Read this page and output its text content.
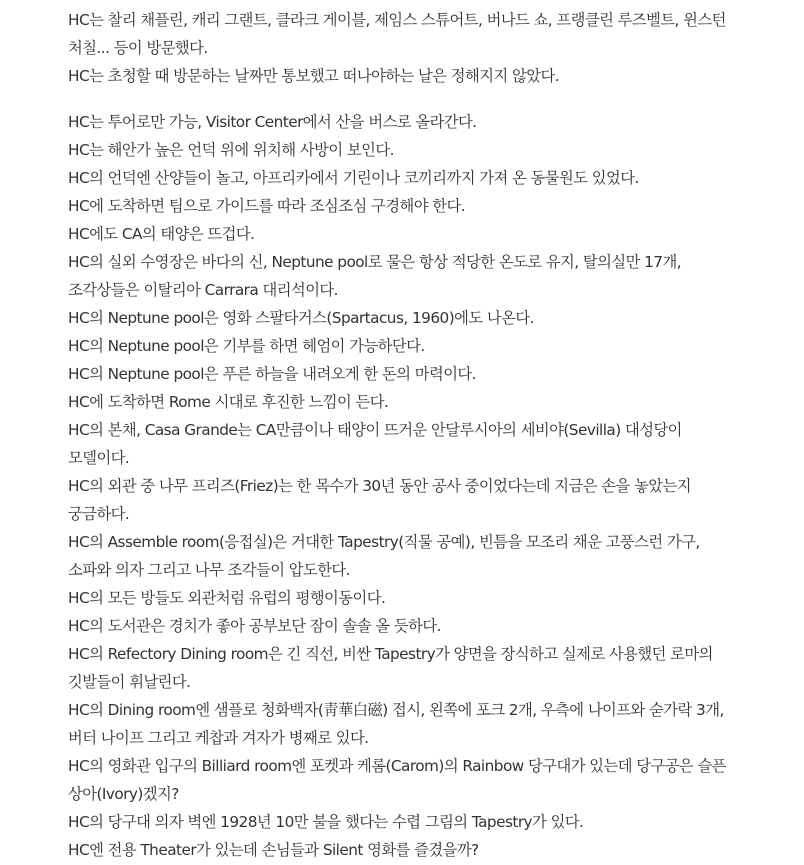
HC는 찰리 채플린, 캐리 그랜트, 클라크 게이블, 제임스 스튜어트, 버나드 쇼, 프랭클린 루즈벨트, 윈스턴 처칠... 등이 방문했다.
HC는 초청할 때 방문하는 날짜만 통보했고 떠나야하는 날은 정해지지 않았다.
HC는 투어로만 가능, Visitor Center에서 산을 버스로 올라간다.
HC는 해안가 높은 언덕 위에 위치해 사방이 보인다.
HC의 언덕엔 산양들이 놀고, 아프리카에서 기린이나 코끼리까지 가져 온 동물원도 있었다.
HC에 도착하면 팀으로 가이드를 따라 조심조심 구경해야 한다.
HC에도 CA의 태양은 뜨겁다.
HC의 실외 수영장은 바다의 신, Neptune pool로 물은 항상 적당한 온도로 유지, 탈의실만 17개, 조각상들은 이탈리아 Carrara 대리석이다.
HC의 Neptune pool은 영화 스팔타거스(Spartacus, 1960)에도 나온다.
HC의 Neptune pool은 기부를 하면 헤엄이 가능하단다.
HC의 Neptune pool은 푸른 하늘을 내려오게 한 돈의 마력이다.
HC에 도착하면 Rome 시대로 후진한 느낌이 든다.
HC의 본채, Casa Grande는 CA만큼이나 태양이 뜨거운 안달루시아의 세비야(Sevilla) 대성당이 모델이다.
HC의 외관 중 나무 프리즈(Friez)는 한 목수가 30년 동안 공사 중이었다는데 지금은 손을 놓았는지 궁금하다.
HC의 Assemble room(응접실)은 거대한 Tapestry(직물 공예), 빈틈을 모조리 채운 고풍스런 가구, 소파와 의자 그리고 나무 조각들이 압도한다.
HC의 모든 방들도 외관처럼 유럽의 평행이동이다.
HC의 도서관은 경치가 좋아 공부보단 잠이 솔솔 올 듯하다.
HC의 Refectory Dining room은 긴 직선, 비싼 Tapestry가 양면을 장식하고 실제로 사용했던 로마의 깃발들이 휘날린다.
HC의 Dining room엔 샘플로 청화백자(靑華白磁) 접시, 왼쪽에 포크 2개, 우측에 나이프와 숟가락 3개, 버터 나이프 그리고 케찹과 겨자가 병째로 있다.
HC의 영화관 입구의 Billiard room엔 포켓과 케롬(Carom)의 Rainbow 당구대가 있는데 당구공은 슬픈 상아(Ivory)겠지?
HC의 당구대 의자 벽엔 1928년 10만 불을 했다는 수렵 그림의 Tapestry가 있다.
HC엔 전용 Theater가 있는데 손님들과 Silent 영화를 즐겼을까?
